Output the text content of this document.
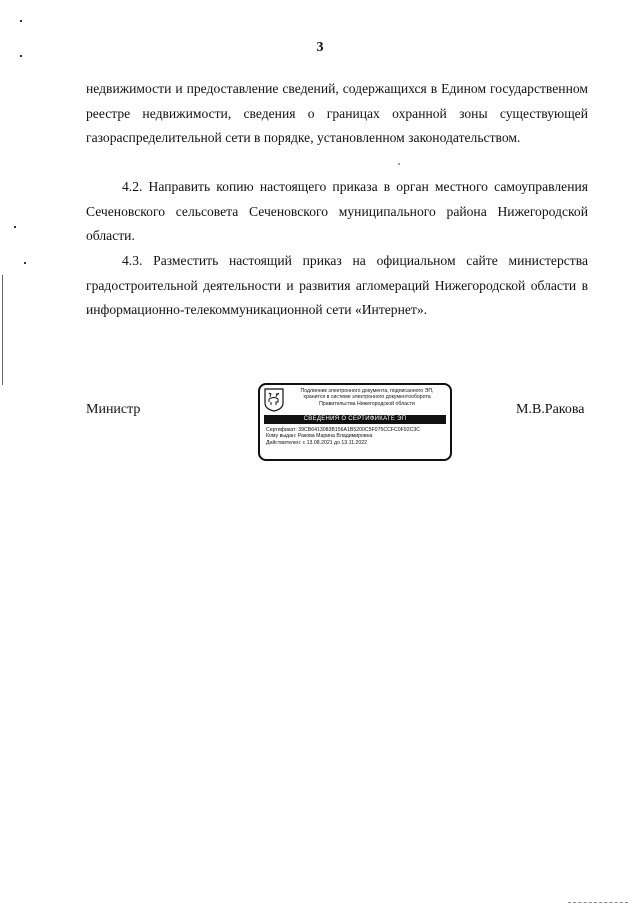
3

недвижимости и предоставление сведений, содержащихся в Едином государственном реестре недвижимости, сведения о границах охранной зоны существующей газораспределительной сети в порядке, установленном законодательством.

4.2. Направить копию настоящего приказа в орган местного самоуправления Сеченовского сельсовета Сеченовского муниципального района Нижегородской области.

4.3. Разместить настоящий приказ на официальном сайте министерства градостроительной деятельности и развития агломераций Нижегородской области в информационно-телекоммуникационной сети «Интернет».

Министр
Подлинник электронного документа, подписанного ЭП,
хранится в системе электронного документооборота
Правительства Нижегородской области
СВЕДЕНИЯ О СЕРТИФИКАТЕ ЭП
Сертификат: 39CB6413083B156A1B5200C5F075CCFC0F92C3C
Кому выдан: Ракова Марина Владимировна
Действителен: с 13.08.2021 до 13.11.2022
М.В.Ракова
